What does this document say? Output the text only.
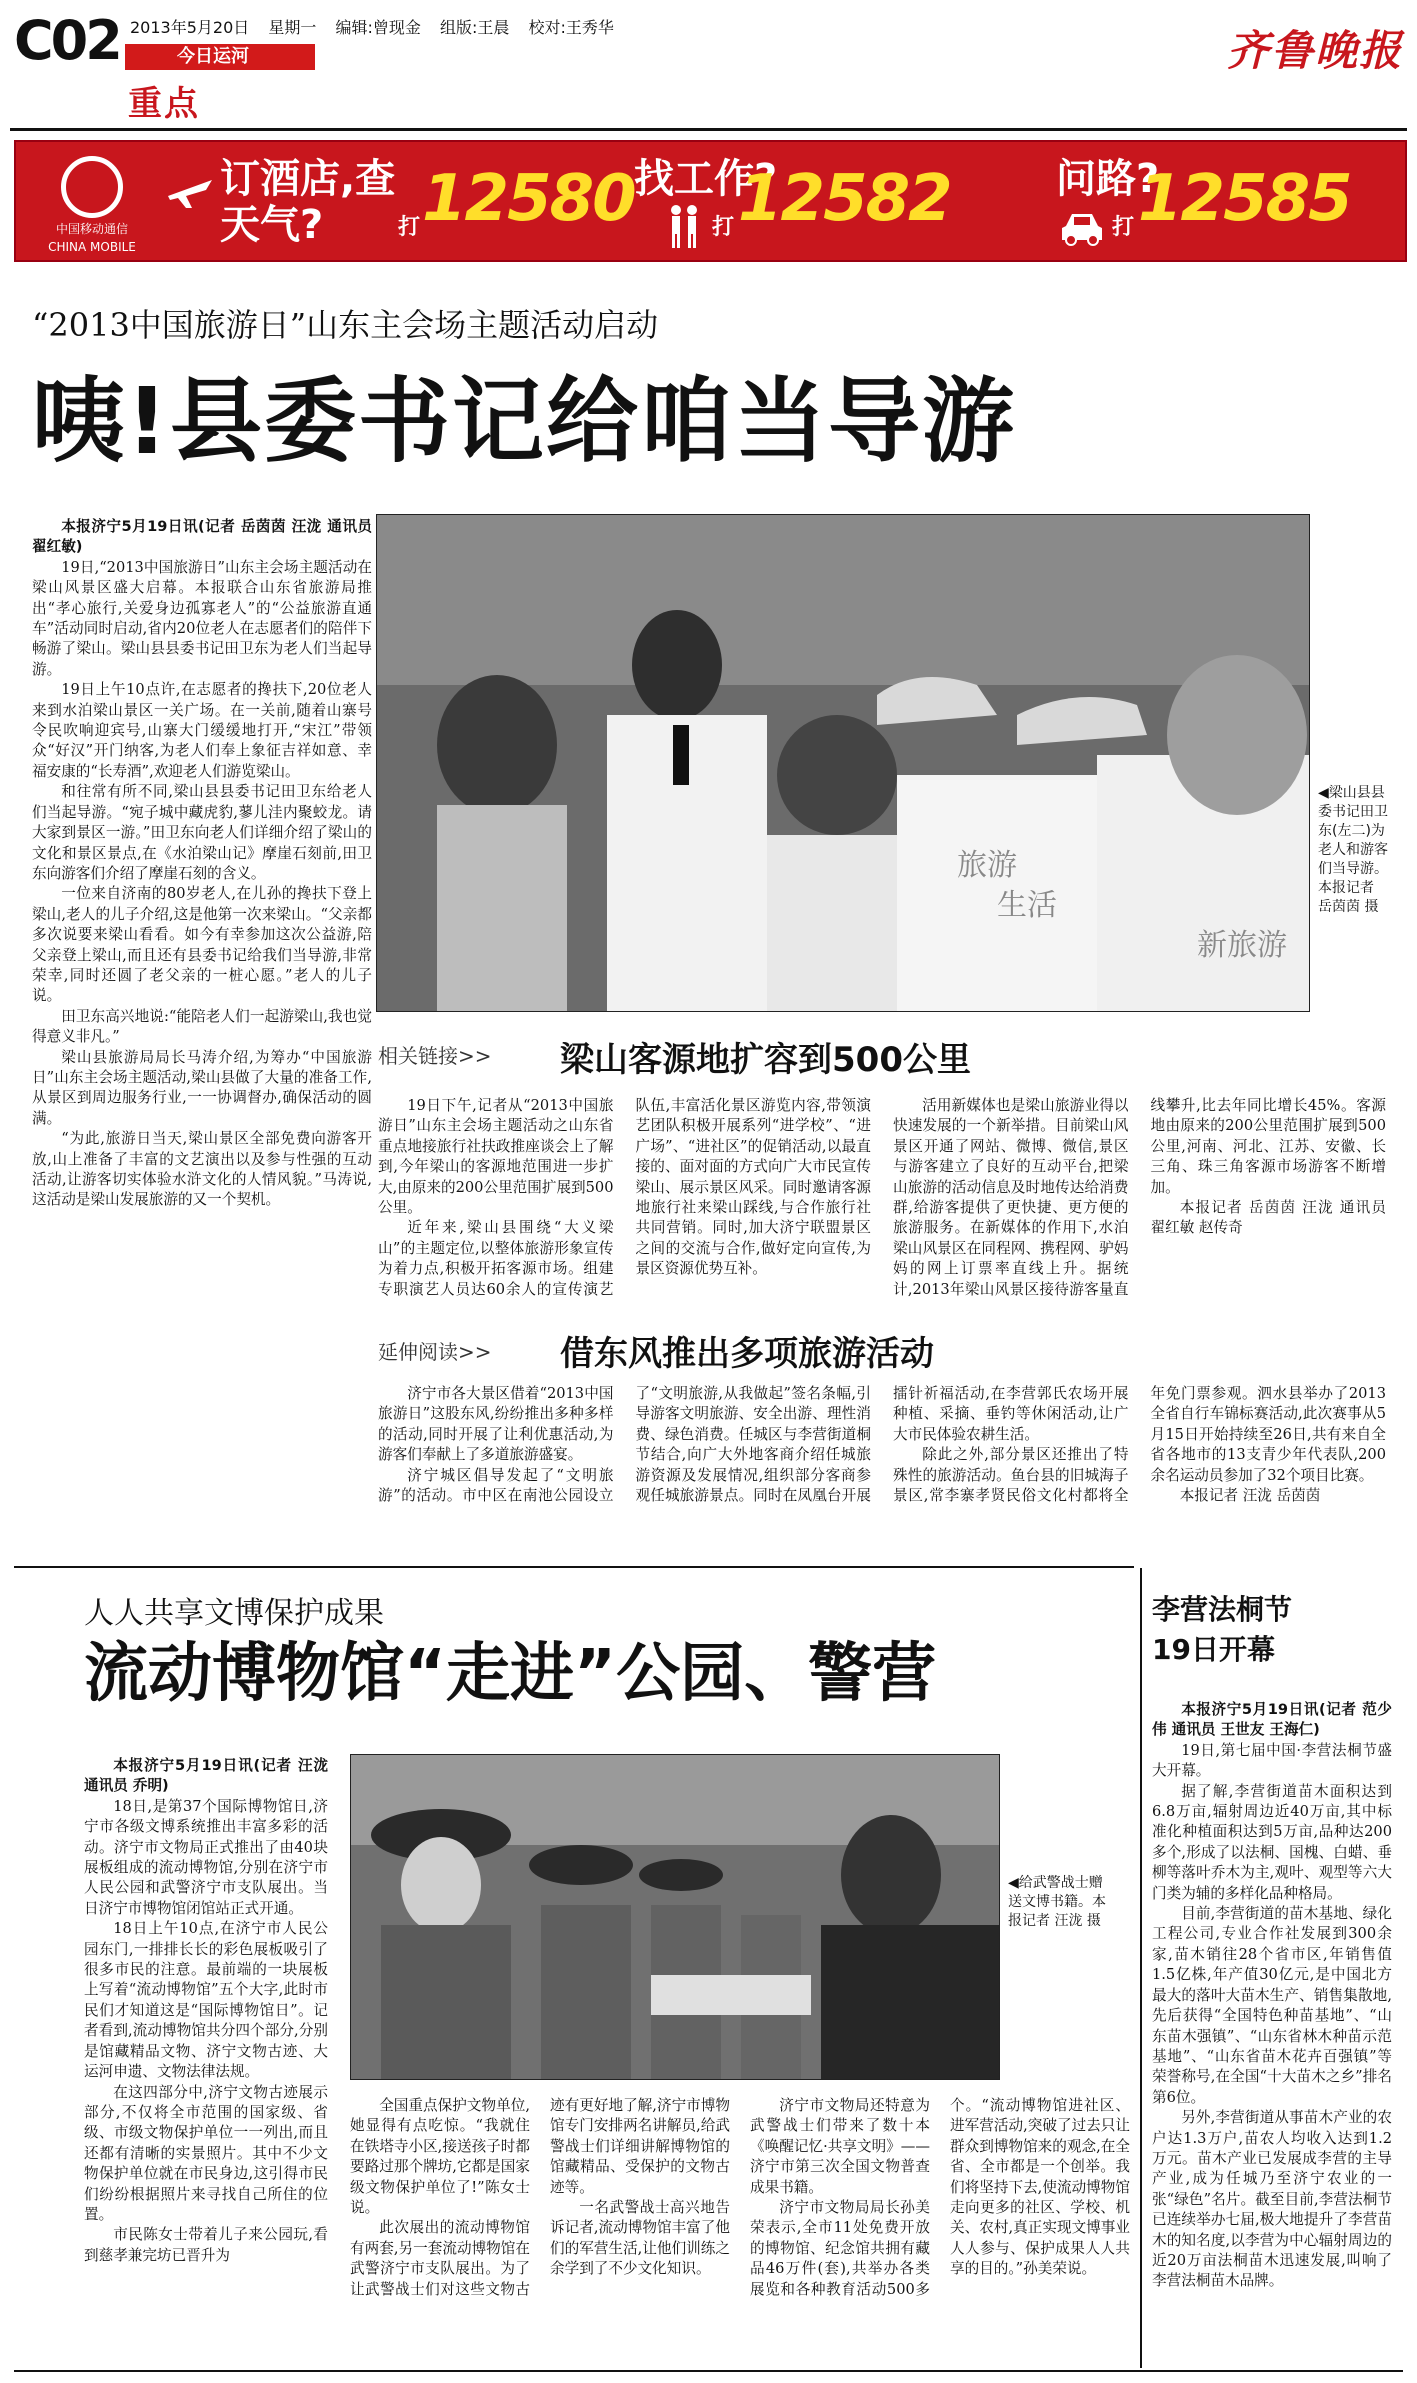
C02 2013年5月20日 星期一 编辑:曾现金 组版:王晨 校对:王秀华
今日运河
重点
齐鲁晚报
中国移动通信
CHINA MOBILE
订酒店,查天气?	打 12580 找工作?
打 12582	问路?
打 12585
“2013中国旅游日”山东主会场主题活动启动
咦!县委书记给咱当导游

本报济宁5月19日讯(记者 岳茵茵 汪泷 通讯员 翟红敏)

19日,“2013中国旅游日”山东主会场主题活动在梁山风景区盛大启幕。本报联合山东省旅游局推出“孝心旅行,关爱身边孤寡老人”的“公益旅游直通车”活动同时启动,省内20位老人在志愿者们的陪伴下畅游了梁山。梁山县县委书记田卫东为老人们当起导游。

19日上午10点许,在志愿者的搀扶下,20位老人来到水泊梁山景区一关广场。在一关前,随着山寨号令民吹响迎宾号,山寨大门缓缓地打开,“宋江”带领众“好汉”开门纳客,为老人们奉上象征吉祥如意、幸福安康的“长寿酒”,欢迎老人们游览梁山。

和往常有所不同,梁山县县委书记田卫东给老人们当起导游。“宛子城中藏虎豹,蓼儿洼内聚蛟龙。请大家到景区一游。”田卫东向老人们详细介绍了梁山的文化和景区景点,在《水泊梁山记》摩崖石刻前,田卫东向游客们介绍了摩崖石刻的含义。

一位来自济南的80岁老人,在儿孙的搀扶下登上梁山,老人的儿子介绍,这是他第一次来梁山。“父亲都多次说要来梁山看看。如今有幸参加这次公益游,陪父亲登上梁山,而且还有县委书记给我们当导游,非常荣幸,同时还圆了老父亲的一桩心愿。”老人的儿子说。

田卫东高兴地说:“能陪老人们一起游梁山,我也觉得意义非凡。”

梁山县旅游局局长马涛介绍,为筹办“中国旅游日”山东主会场主题活动,梁山县做了大量的准备工作,从景区到周边服务行业,一一协调督办,确保活动的圆满。

“为此,旅游日当天,梁山景区全部免费向游客开放,山上准备了丰富的文艺演出以及参与性强的互动活动,让游客切实体验水浒文化的人情风貌。”马涛说,这活动是梁山发展旅游的又一个契机。

旅游
生活
新旅游
◀梁山县县委书记田卫东(左二)为老人和游客们当导游。本报记者 岳茵茵 摄
相关链接>> 梁山客源地扩容到500公里

19日下午,记者从“2013中国旅游日”山东主会场主题活动之山东省重点地接旅行社扶政推座谈会上了解到,今年梁山的客源地范围进一步扩大,由原来的200公里范围扩展到500公里。

近年来,梁山县围绕“大义梁山”的主题定位,以整体旅游形象宣传为着力点,积极开拓客源市场。组建专职演艺人员达60余人的宣传演艺队伍,丰富活化景区游览内容,带领演艺团队积极开展系列“进学校”、“进广场”、“进社区”的促销活动,以最直接的、面对面的方式向广大市民宣传梁山、展示景区风采。同时邀请客源地旅行社来梁山踩线,与合作旅行社共同营销。同时,加大济宁联盟景区之间的交流与合作,做好定向宣传,为景区资源优势互补。

活用新媒体也是梁山旅游业得以快速发展的一个新举措。目前梁山风景区开通了网站、微博、微信,景区与游客建立了良好的互动平台,把梁山旅游的活动信息及时地传达给消费群,给游客提供了更快捷、更方便的旅游服务。在新媒体的作用下,水泊梁山风景区在同程网、携程网、驴妈妈的网上订票率直线上升。据统计,2013年梁山风景区接待游客量直线攀升,比去年同比增长45%。客源地由原来的200公里范围扩展到500公里,河南、河北、江苏、安徽、长三角、珠三角客源市场游客不断增加。

本报记者 岳茵茵 汪泷 通讯员 翟红敏 赵传奇

延伸阅读>> 借东风推出多项旅游活动

济宁市各大景区借着“2013中国旅游日”这股东风,纷纷推出多种多样的活动,同时开展了让利优惠活动,为游客们奉献上了多道旅游盛宴。

济宁城区倡导发起了“文明旅游”的活动。市中区在南池公园设立了“文明旅游,从我做起”签名条幅,引导游客文明旅游、安全出游、理性消费、绿色消费。任城区与李营街道桐节结合,向广大外地客商介绍任城旅游资源及发展情况,组织部分客商参观任城旅游景点。同时在凤凰台开展擂针祈福活动,在李营郭氏农场开展种植、采摘、垂钓等休闲活动,让广大市民体验农耕生活。

除此之外,部分景区还推出了特殊性的旅游活动。鱼台县的旧城海子景区,常李寨孝贤民俗文化村都将全年免门票参观。泗水县举办了2013全省自行车锦标赛活动,此次赛事从5月15日开始持续至26日,共有来自全省各地市的13支青少年代表队,200余名运动员参加了32个项目比赛。

本报记者 汪泷 岳茵茵

人人共享文博保护成果
流动博物馆“走进”公园、警营

本报济宁5月19日讯(记者 汪泷 通讯员 乔明)

18日,是第37个国际博物馆日,济宁市各级文博系统推出丰富多彩的活动。济宁市文物局正式推出了由40块展板组成的流动博物馆,分别在济宁市人民公园和武警济宁市支队展出。当日济宁市博物馆闭馆站正式开通。

18日上午10点,在济宁市人民公园东门,一排排长长的彩色展板吸引了很多市民的注意。最前端的一块展板上写着“流动博物馆”五个大字,此时市民们才知道这是“国际博物馆日”。记者看到,流动博物馆共分四个部分,分别是馆藏精品文物、济宁文物古迹、大运河申遗、文物法律法规。

在这四部分中,济宁文物古迹展示部分,不仅将全市范围的国家级、省级、市级文物保护单位一一列出,而且还都有清晰的实景照片。其中不少文物保护单位就在市民身边,这引得市民们纷纷根据照片来寻找自己所住的位置。

市民陈女士带着儿子来公园玩,看到慈孝兼完坊已晋升为

◀给武警战士赠送文博书籍。本报记者 汪泷 摄

全国重点保护文物单位,她显得有点吃惊。“我就住在铁塔寺小区,接送孩子时都要路过那个牌坊,它都是国家级文物保护单位了!”陈女士说。

此次展出的流动博物馆有两套,另一套流动博物馆在武警济宁市支队展出。为了让武警战士们对这些文物古迹有更好地了解,济宁市博物馆专门安排两名讲解员,给武警战士们详细讲解博物馆的馆藏精品、受保护的文物古迹等。

一名武警战士高兴地告诉记者,流动博物馆丰富了他们的军营生活,让他们训练之余学到了不少文化知识。

济宁市文物局还特意为武警战士们带来了数十本《唤醒记忆·共享文明》——济宁市第三次全国文物普查成果书籍。

济宁市文物局局长孙美荣表示,全市11处免费开放的博物馆、纪念馆共拥有藏品46万件(套),共举办各类展览和各种教育活动500多个。“流动博物馆进社区、进军营活动,突破了过去只让群众到博物馆来的观念,在全省、全市都是一个创举。我们将坚持下去,使流动博物馆走向更多的社区、学校、机关、农村,真正实现文博事业人人参与、保护成果人人共享的目的。”孙美荣说。

李营法桐节
19日开幕

本报济宁5月19日讯(记者 范少伟 通讯员 王世友 王海仁)

19日,第七届中国·李营法桐节盛大开幕。

据了解,李营街道苗木面积达到6.8万亩,辐射周边近40万亩,其中标准化种植面积达到5万亩,品种达200多个,形成了以法桐、国槐、白蜡、垂柳等落叶乔木为主,观叶、观型等六大门类为辅的多样化品种格局。

目前,李营街道的苗木基地、绿化工程公司,专业合作社发展到300余家,苗木销往28个省市区,年销售值1.5亿株,年产值30亿元,是中国北方最大的落叶大苗木生产、销售集散地,先后获得“全国特色种苗基地”、“山东苗木强镇”、“山东省林木种苗示范基地”、“山东省苗木花卉百强镇”等荣誉称号,在全国“十大苗木之乡”排名第6位。

另外,李营街道从事苗木产业的农户达1.3万户,苗农人均收入达到1.2万元。苗木产业已发展成李营的主导产业,成为任城乃至济宁农业的一张“绿色”名片。截至目前,李营法桐节已连续举办七届,极大地提升了李营苗木的知名度,以李营为中心辐射周边的近20万亩法桐苗木迅速发展,叫响了李营法桐苗木品牌。
